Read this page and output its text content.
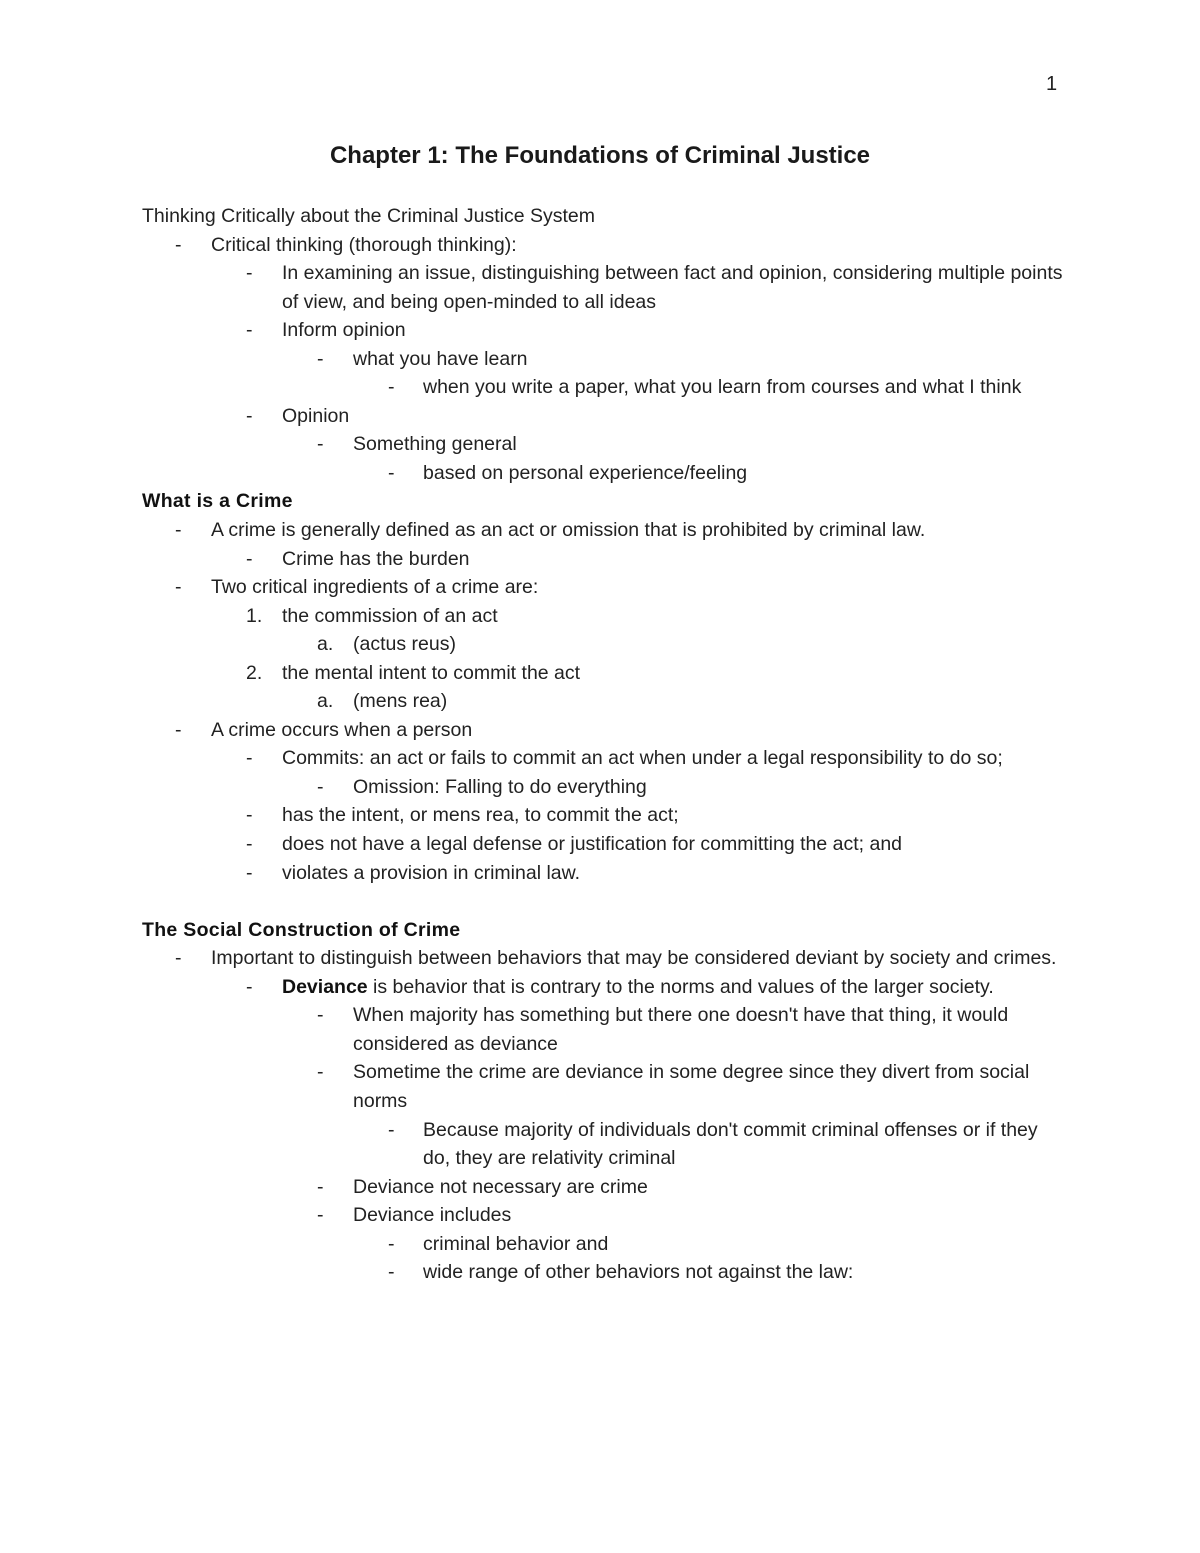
1
Chapter 1: The Foundations of Criminal Justice
Thinking Critically about the Criminal Justice System
- Critical thinking (thorough thinking):
- In examining an issue, distinguishing between fact and opinion, considering multiple points of view, and being open-minded to all ideas
- Inform opinion
- what you have learn
- when you write a paper, what you learn from courses and what I think
- Opinion
- Something general
- based on personal experience/feeling
What is a Crime
- A crime is generally defined as an act or omission that is prohibited by criminal law.
- Crime has the burden
- Two critical ingredients of a crime are:
1. the commission of an act
a. (actus reus)
2. the mental intent to commit the act
a. (mens rea)
- A crime occurs when a person
- Commits: an act or fails to commit an act when under a legal responsibility to do so;
- Omission: Falling to do everything
- has the intent, or mens rea, to commit the act;
- does not have a legal defense or justification for committing the act; and
- violates a provision in criminal law.
The Social Construction of Crime
- Important to distinguish between behaviors that may be considered deviant by society and crimes.
- Deviance is behavior that is contrary to the norms and values of the larger society.
- When majority has something but there one doesn't have that thing, it would considered as deviance
- Sometime the crime are deviance in some degree since they divert from social norms
- Because majority of individuals don't commit criminal offenses or if they do, they are relativity criminal
- Deviance not necessary are crime
- Deviance includes
- criminal behavior and
- wide range of other behaviors not against the law:
